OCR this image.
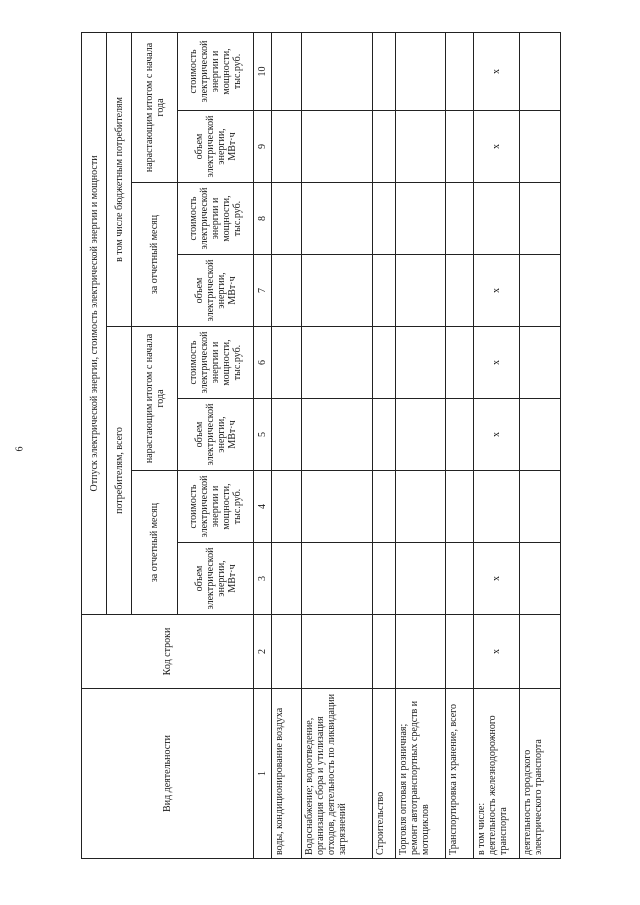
6
Вид деятельности	Код строки	Отпуск электрической энергии, стоимость электрической энергии и мощности							
		потребителям, всего				в том числе бюджетным потребителям			
		за отчетный месяц		нарастающим итогом с начала года		за отчетный месяц		нарастающим итогом с начала года	
		объем электрической энергии, МВт·ч	стоимость электрической энергии и мощности, тыс.руб.	объем электрической энергии, МВт·ч	стоимость электрической энергии и мощности, тыс.руб.	объем электрической энергии, МВт·ч	стоимость электрической энергии и мощности, тыс.руб.	объем электрической энергии, МВт·ч	стоимость электрической энергии и мощности, тыс.руб.
1	2	3	4	5	6	7	8	9	10
воды, кондиционирование воздуха									
Водоснабжение; водоотведение, организация сбора и утилизация отходов, деятельность по ликвидации загрязнений									
Строительство									
Торговля оптовая и розничная; ремонт автотранспортных средств и мотоциклов									
Транспортировка и хранение, всего									
в том числе:
деятельность железнодорожного транспорта	х	х		х	х	х		х	х
деятельность городского электрического транспорта									
